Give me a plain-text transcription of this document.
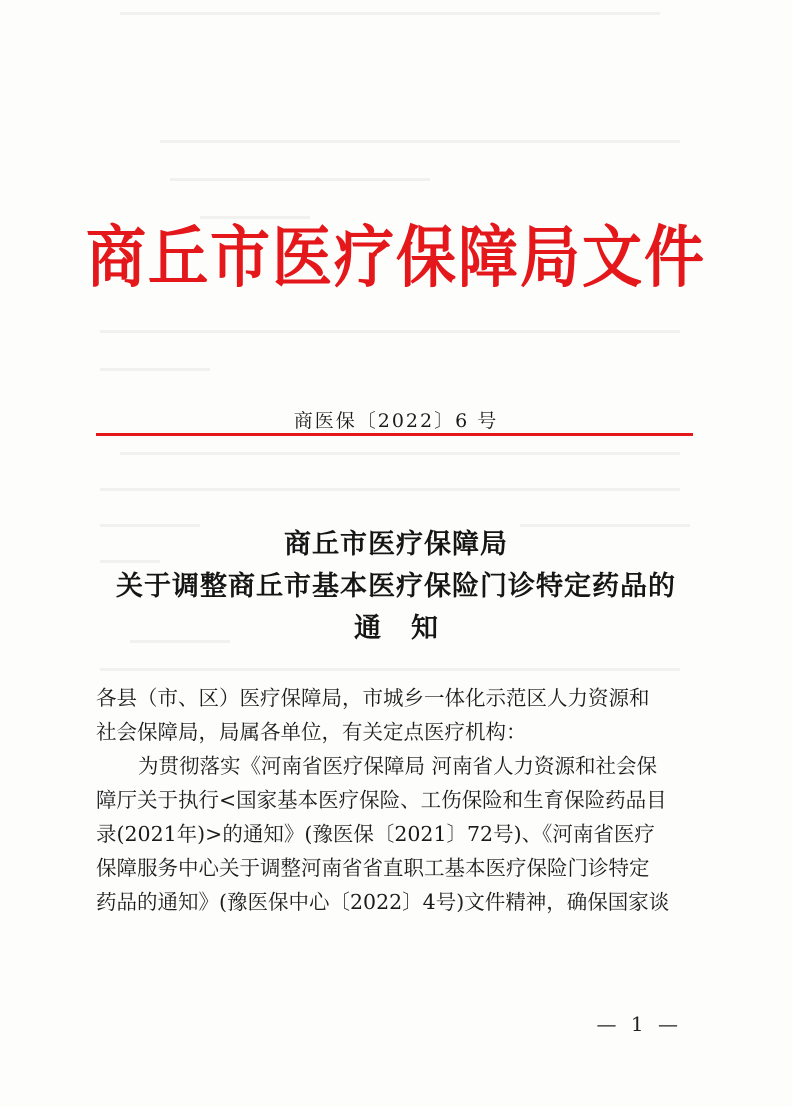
商丘市医疗保障局文件
商医保〔2022〕6 号
商丘市医疗保障局
关于调整商丘市基本医疗保险门诊特定药品的
通知
各县（市、区）医疗保障局，市城乡一体化示范区人力资源和
社会保障局，局属各单位，有关定点医疗机构：
为贯彻落实《河南省医疗保障局 河南省人力资源和社会保
障厅关于执行<国家基本医疗保险、工伤保险和生育保险药品目
录(2021年)>的通知》(豫医保〔2021〕72号)、《河南省医疗
保障服务中心关于调整河南省省直职工基本医疗保险门诊特定
药品的通知》(豫医保中心〔2022〕4号)文件精神，确保国家谈
— 1 —
